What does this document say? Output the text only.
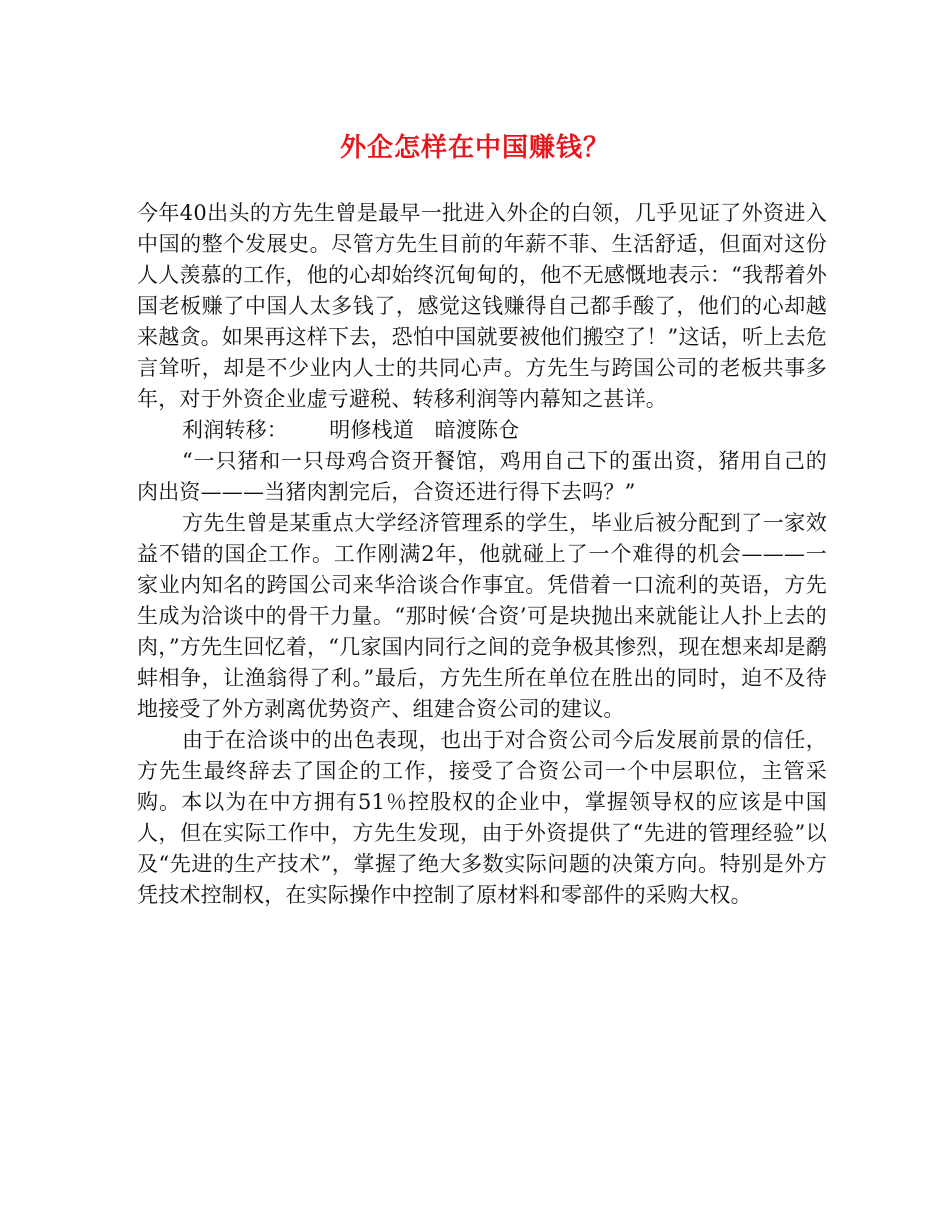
外企怎样在中国赚钱？

今年40出头的方先生曾是最早一批进入外企的白领，几乎见证了外资进入中国的整个发展史。尽管方先生目前的年薪不菲、生活舒适，但面对这份人人羡慕的工作，他的心却始终沉甸甸的，他不无感慨地表示：“我帮着外国老板赚了中国人太多钱了，感觉这钱赚得自己都手酸了，他们的心却越来越贪。如果再这样下去，恐怕中国就要被他们搬空了！”这话，听上去危言耸听，却是不少业内人士的共同心声。方先生与跨国公司的老板共事多年，对于外资企业虚亏避税、转移利润等内幕知之甚详。

利润转移：      明修栈道   暗渡陈仓

“一只猪和一只母鸡合资开餐馆，鸡用自己下的蛋出资，猪用自己的肉出资———当猪肉割完后，合资还进行得下去吗？”

方先生曾是某重点大学经济管理系的学生，毕业后被分配到了一家效益不错的国企工作。工作刚满2年，他就碰上了一个难得的机会———一家业内知名的跨国公司来华洽谈合作事宜。凭借着一口流利的英语，方先生成为洽谈中的骨干力量。“那时候‘合资’可是块抛出来就能让人扑上去的肉，”方先生回忆着，“几家国内同行之间的竞争极其惨烈，现在想来却是鹬蚌相争，让渔翁得了利。”最后，方先生所在单位在胜出的同时，迫不及待地接受了外方剥离优势资产、组建合资公司的建议。

由于在洽谈中的出色表现，也出于对合资公司今后发展前景的信任，方先生最终辞去了国企的工作，接受了合资公司一个中层职位，主管采购。本以为在中方拥有51％控股权的企业中，掌握领导权的应该是中国人，但在实际工作中，方先生发现，由于外资提供了“先进的管理经验”以及“先进的生产技术”，掌握了绝大多数实际问题的决策方向。特别是外方凭技术控制权，在实际操作中控制了原材料和零部件的采购大权。
